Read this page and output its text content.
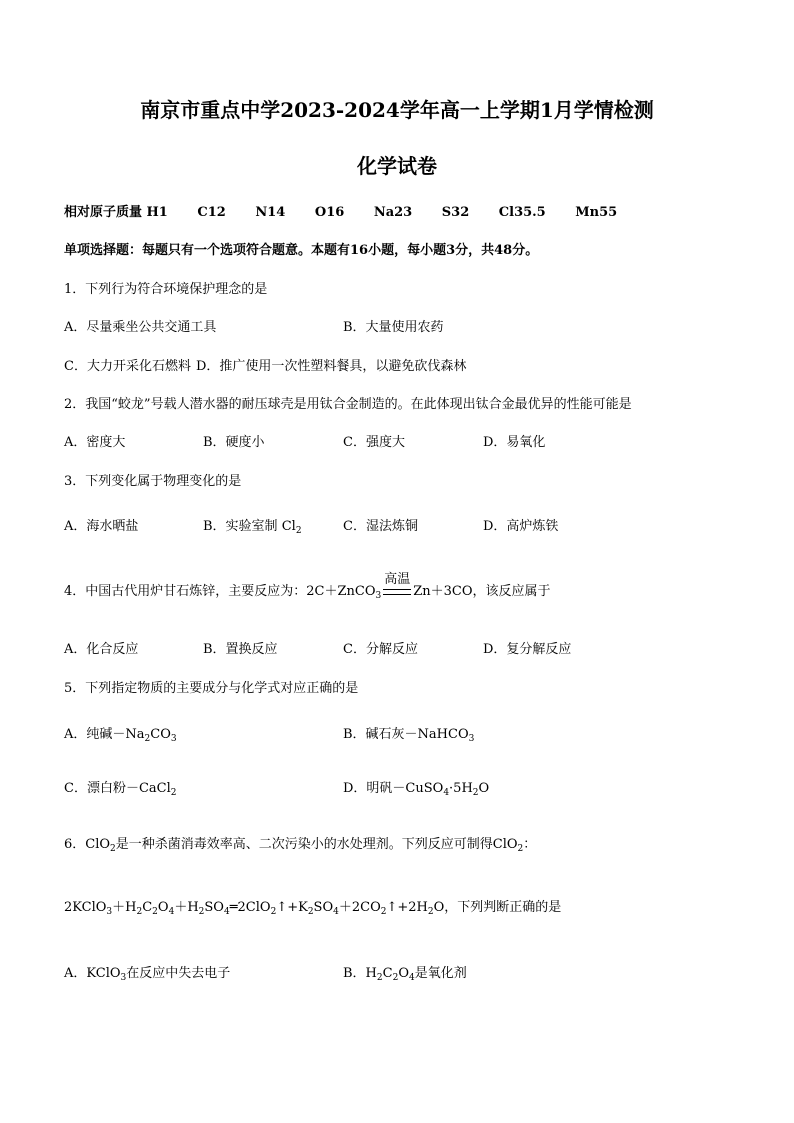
南京市重点中学2023-2024学年高一上学期1月学情检测
化学试卷
相对原子质量 H1 C12 N14 O16 Na23 S32 Cl35.5 Mn55
单项选择题：每题只有一个选项符合题意。本题有16小题，每小题3分，共48分。
1．下列行为符合环境保护理念的是
A．尽量乘坐公共交通工具	B．大量使用农药
C．大力开采化石燃料 D．推广使用一次性塑料餐具，以避免砍伐森林
2．我国“蛟龙”号载人潜水器的耐压球壳是用钛合金制造的。在此体现出钛合金最优异的性能可能是
A．密度大	B．硬度小	C．强度大	D．易氧化
3．下列变化属于物理变化的是
A．海水晒盐	B．实验室制 $Cl_2$	C．湿法炼铜	D．高炉炼铁
4．中国古代用炉甘石炼锌，主要反应为：2C＋ZnCO$_3$
高温
Zn＋3CO，该反应属于
A．化合反应	B．置换反应	C．分解反应	D．复分解反应
5．下列指定物质的主要成分与化学式对应正确的是
A．纯碱$-Na_2CO_3$	B．碱石灰－NaHCO$_3$
C．漂白粉－CaCl$_2$	D．明矾$-CuSO_4\cdot 5H_2O$
6．ClO$_2$是一种杀菌消毒效率高、二次污染小的水处理剂。下列反应可制得ClO$_2$：
$2KClO_3+H_2C_2O_4+H_2SO_4═2ClO_2↑+K_2SO_4+2CO_2↑+2H_2O$，下列判断正确的是
A．KClO$_3$在反应中失去电子	B．$H_2C_2O_4$是氧化剂
